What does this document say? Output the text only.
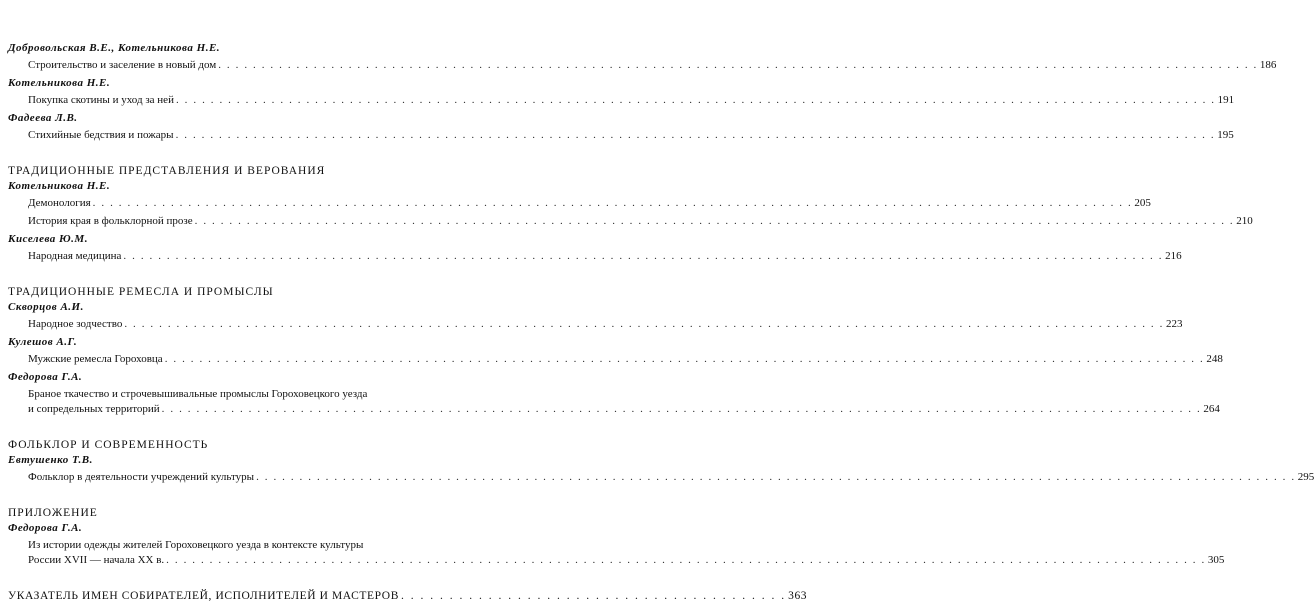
Добровольская В.Е., Котельникова Н.Е.
Строительство и заселение в новый дом . . . . . . . . . . . . . . . . . . . . . . . . . . . . . . . . . . . . . . . . . . . . . . . . . . . . . . . . . . . . . . . . . . . . . . . . . . . . . . . . . . . . . . . . . . . . . . . . . . . . . . . . . . . . . . . . . . . . . . . . 186
Котельникова Н.Е.
Покупка скотины и уход за ней . . . . . . . . . . . . . . . . . . . . . . . . . . . . . . . . . . . . . . . . . . . . . . . . . . . . . . . . . . . . . . . . . . . . . . . . . . . . . . . . . . . . . . . . . . . . . . . . . . . . . . . . . . . . . . . . . . . . . . . . 191
Фадеева Л.В.
Стихийные бедствия и пожары . . . . . . . . . . . . . . . . . . . . . . . . . . . . . . . . . . . . . . . . . . . . . . . . . . . . . . . . . . . . . . . . . . . . . . . . . . . . . . . . . . . . . . . . . . . . . . . . . . . . . . . . . . . . . . . . . . . . . . . . 195
ТРАДИЦИОННЫЕ ПРЕДСТАВЛЕНИЯ И ВЕРОВАНИЯ
Котельникова Н.Е.
Демонология . . . . . . . . . . . . . . . . . . . . . . . . . . . . . . . . . . . . . . . . . . . . . . . . . . . . . . . . . . . . . . . . . . . . . . . . . . . . . . . . . . . . . . . . . . . . . . . . . . . . . . . . . . . . . . . . . . . . . . . . 205
История края в фольклорной прозе . . . . . . . . . . . . . . . . . . . . . . . . . . . . . . . . . . . . . . . . . . . . . . . . . . . . . . . . . . . . . . . . . . . . . . . . . . . . . . . . . . . . . . . . . . . . . . . . . . . . . . . . . . . . . . . . . . . . . . . . 210
Киселева Ю.М.
Народная медицина . . . . . . . . . . . . . . . . . . . . . . . . . . . . . . . . . . . . . . . . . . . . . . . . . . . . . . . . . . . . . . . . . . . . . . . . . . . . . . . . . . . . . . . . . . . . . . . . . . . . . . . . . . . . . . . . . . . . . . . . 216
ТРАДИЦИОННЫЕ РЕМЕСЛА И ПРОМЫСЛЫ
Скворцов А.И.
Народное зодчество . . . . . . . . . . . . . . . . . . . . . . . . . . . . . . . . . . . . . . . . . . . . . . . . . . . . . . . . . . . . . . . . . . . . . . . . . . . . . . . . . . . . . . . . . . . . . . . . . . . . . . . . . . . . . . . . . . . . . . . . 223
Кулешов А.Г.
Мужские ремесла Гороховца . . . . . . . . . . . . . . . . . . . . . . . . . . . . . . . . . . . . . . . . . . . . . . . . . . . . . . . . . . . . . . . . . . . . . . . . . . . . . . . . . . . . . . . . . . . . . . . . . . . . . . . . . . . . . . . . . . . . . . . . 248
Федорова Г.А.
Браное ткачество и строчевышивальные промыслы Гороховецкого уезда
и сопредельных территорий . . . . . . . . . . . . . . . . . . . . . . . . . . . . . . . . . . . . . . . . . . . . . . . . . . . . . . . . . . . . . . . . . . . . . . . . . . . . . . . . . . . . . . . . . . . . . . . . . . . . . . . . . . . . . . . . . . . . . . . . 264
ФОЛЬКЛОР И СОВРЕМЕННОСТЬ
Евтушенко Т.В.
Фольклор в деятельности учреждений культуры . . . . . . . . . . . . . . . . . . . . . . . . . . . . . . . . . . . . . . . . . . . . . . . . . . . . . . . . . . . . . . . . . . . . . . . . . . . . . . . . . . . . . . . . . . . . . . . . . . . . . . . . . . . . . . . . . . . . . . . . 295
ПРИЛОЖЕНИЕ
Федорова Г.А.
Из истории одежды жителей Гороховецкого уезда в контексте культуры
России XVII — начала XX в. . . . . . . . . . . . . . . . . . . . . . . . . . . . . . . . . . . . . . . . . . . . . . . . . . . . . . . . . . . . . . . . . . . . . . . . . . . . . . . . . . . . . . . . . . . . . . . . . . . . . . . . . . . . . . . . . . . . . . . . . 305
УКАЗАТЕЛЬ ИМЕН СОБИРАТЕЛЕЙ, ИСПОЛНИТЕЛЕЙ И МАСТЕРОВ . . . . . . . . . . . . . . . . . . . . . . . . . . . . . . . . . . . . . . . . 363
